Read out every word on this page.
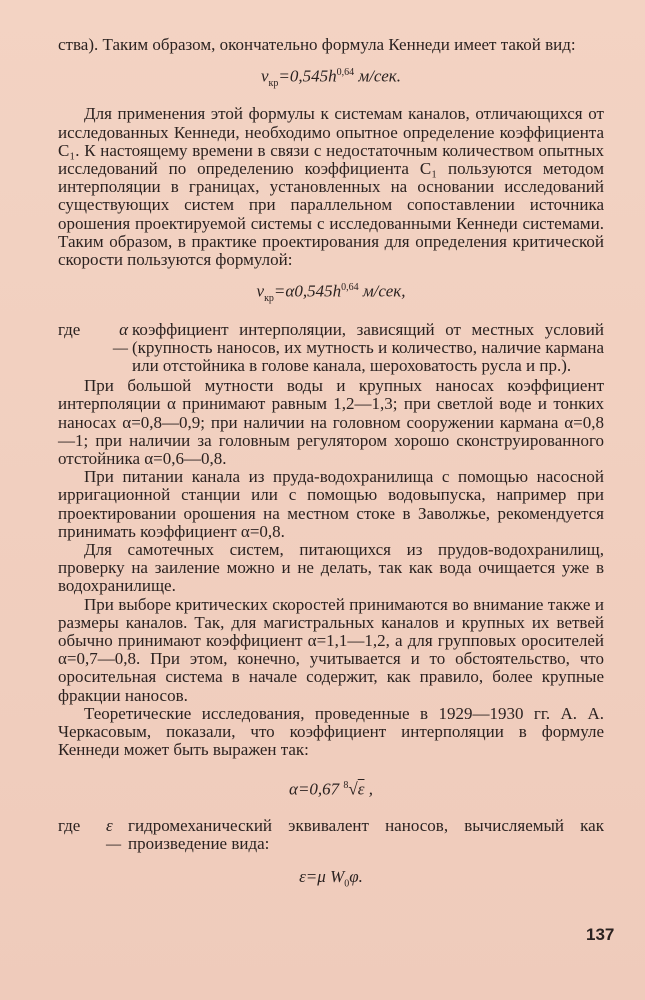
ства). Таким образом, окончательно формула Кеннеди имеет такой вид:

$v_{кр}=0,545h^{0,64}$ м/сек.

Для применения этой формулы к системам каналов, отличающихся от исследованных Кеннеди, необходимо опытное определение коэффициента C₁. К настоящему времени в связи с недостаточным количеством опытных исследований по определению коэффициента C₁ пользуются методом интерполяции в границах, установленных на основании исследований существующих систем при параллельном сопоставлении источника орошения проектируемой системы с исследованными Кеннеди системами. Таким образом, в практике проектирования для определения критической скорости пользуются формулой:

$v_{кр}=\alpha 0,545h^{0,64}$ м/сек,
где	α —
коэффициент интерполяции, зависящий от местных условий (крупность наносов, их мутность и количество, наличие кармана или отстойника в голове канала, шероховатость русла и пр.).

При большой мутности воды и крупных наносах коэффициент интерполяции α принимают равным 1,2—1,3; при светлой воде и тонких наносах α=0,8—0,9; при наличии на головном сооружении кармана α=0,8—1; при наличии за головным регулятором хорошо сконструированного отстойника α=0,6—0,8.

При питании канала из пруда-водохранилища с помощью насосной ирригационной станции или с помощью водовыпуска, например при проектировании орошения на местном стоке в Заволжье, рекомендуется принимать коэффициент α=0,8.

Для самотечных систем, питающихся из прудов-водохранилищ, проверку на заиление можно и не делать, так как вода очищается уже в водохранилище.

При выборе критических скоростей принимаются во внимание также и размеры каналов. Так, для магистральных каналов и крупных их ветвей обычно принимают коэффициент α=1,1—1,2, а для групповых оросителей α=0,7—0,8. При этом, конечно, учитывается и то обстоятельство, что оросительная система в начале содержит, как правило, более крупные фракции наносов.

Теоретические исследования, проведенные в 1929—1930 гг. А. А. Черкасовым, показали, что коэффициент интерполяции в формуле Кеннеди может быть выражен так:

α=0,67 $^8$√ε ,
где	ε —
гидромеханический эквивалент наносов, вычисляемый как произведение вида:
ε=μ $W_0\varphi$.
137
